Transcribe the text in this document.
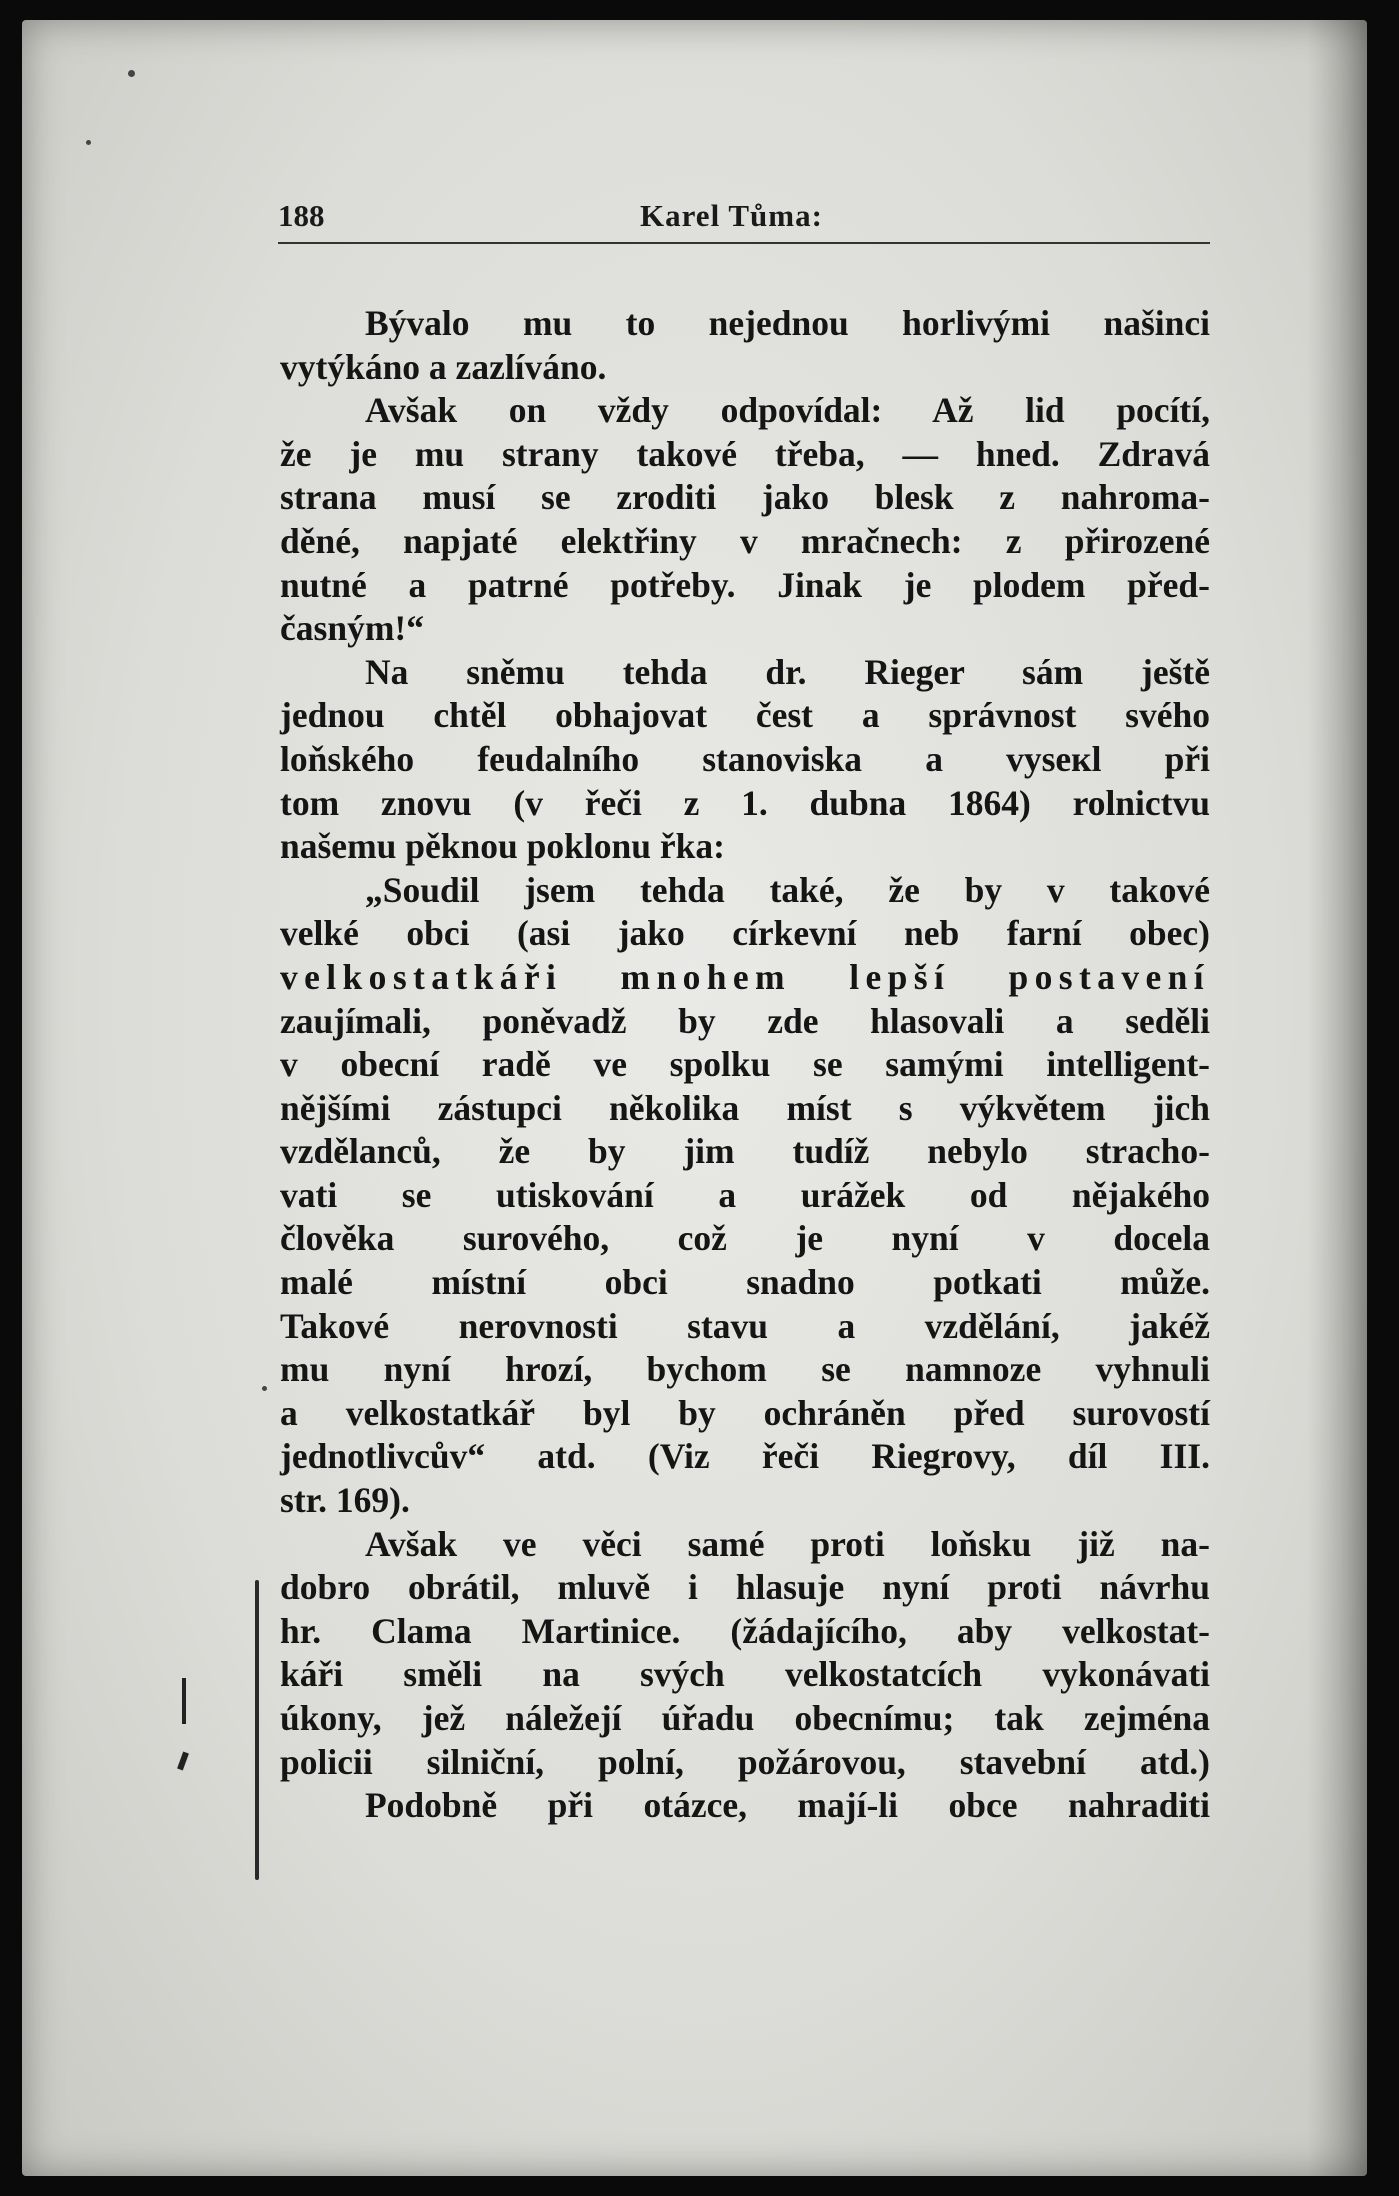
188	Karel Tůma:
Bývalo mu to nejednou horlivými našinci
vytýkáno a zazlíváno.
Avšak on vždy odpovídal: Až lid pocítí,
že je mu strany takové třeba, — hned. Zdravá
strana musí se zroditi jako blesk z nahroma-
děné, napjaté elektřiny v mračnech: z přirozené
nutné a patrné potřeby. Jinak je plodem před-
časným!“
Na sněmu tehda dr. Rieger sám ještě
jednou chtěl obhajovat čest a správnost svého
loňského feudalního stanoviska a vyseкl při
tom znovu (v řeči z 1. dubna 1864) rolnictvu
našemu pěknou poklonu řka:
„Soudil jsem tehda také, že by v takové
velké obci (asi jako církevní neb farní obec)
velkostatkáři mnohem lepší postavení
zaujímali, poněvadž by zde hlasovali a seděli
v obecní radě ve spolku se samými intelligent-
nějšími zástupci několika míst s výkvětem jich
vzdělanců, že by jim tudíž nebylo stracho-
vati se utiskování a urážek od nějakého
člověka surového, což je nyní v docela
malé místní obci snadno potkati může.
Takové nerovnosti stavu a vzdělání, jakéž
mu nyní hrozí, bychom se namnoze vyhnuli
a velkostatkář byl by ochráněn před surovostí
jednotlivcův“ atd. (Viz řeči Riegrovy, díl III.
str. 169).
Avšak ve věci samé proti loňsku již na-
dobro obrátil, mluvě i hlasuje nyní proti návrhu
hr. Clama Martinice. (žádajícího, aby velkostat-
káři směli na svých velkostatcích vykonávati
úkony, jež náležejí úřadu obecnímu; tak zejména
policii silniční, polní, požárovou, stavební atd.)
Podobně při otázce, mají-li obce nahraditi
